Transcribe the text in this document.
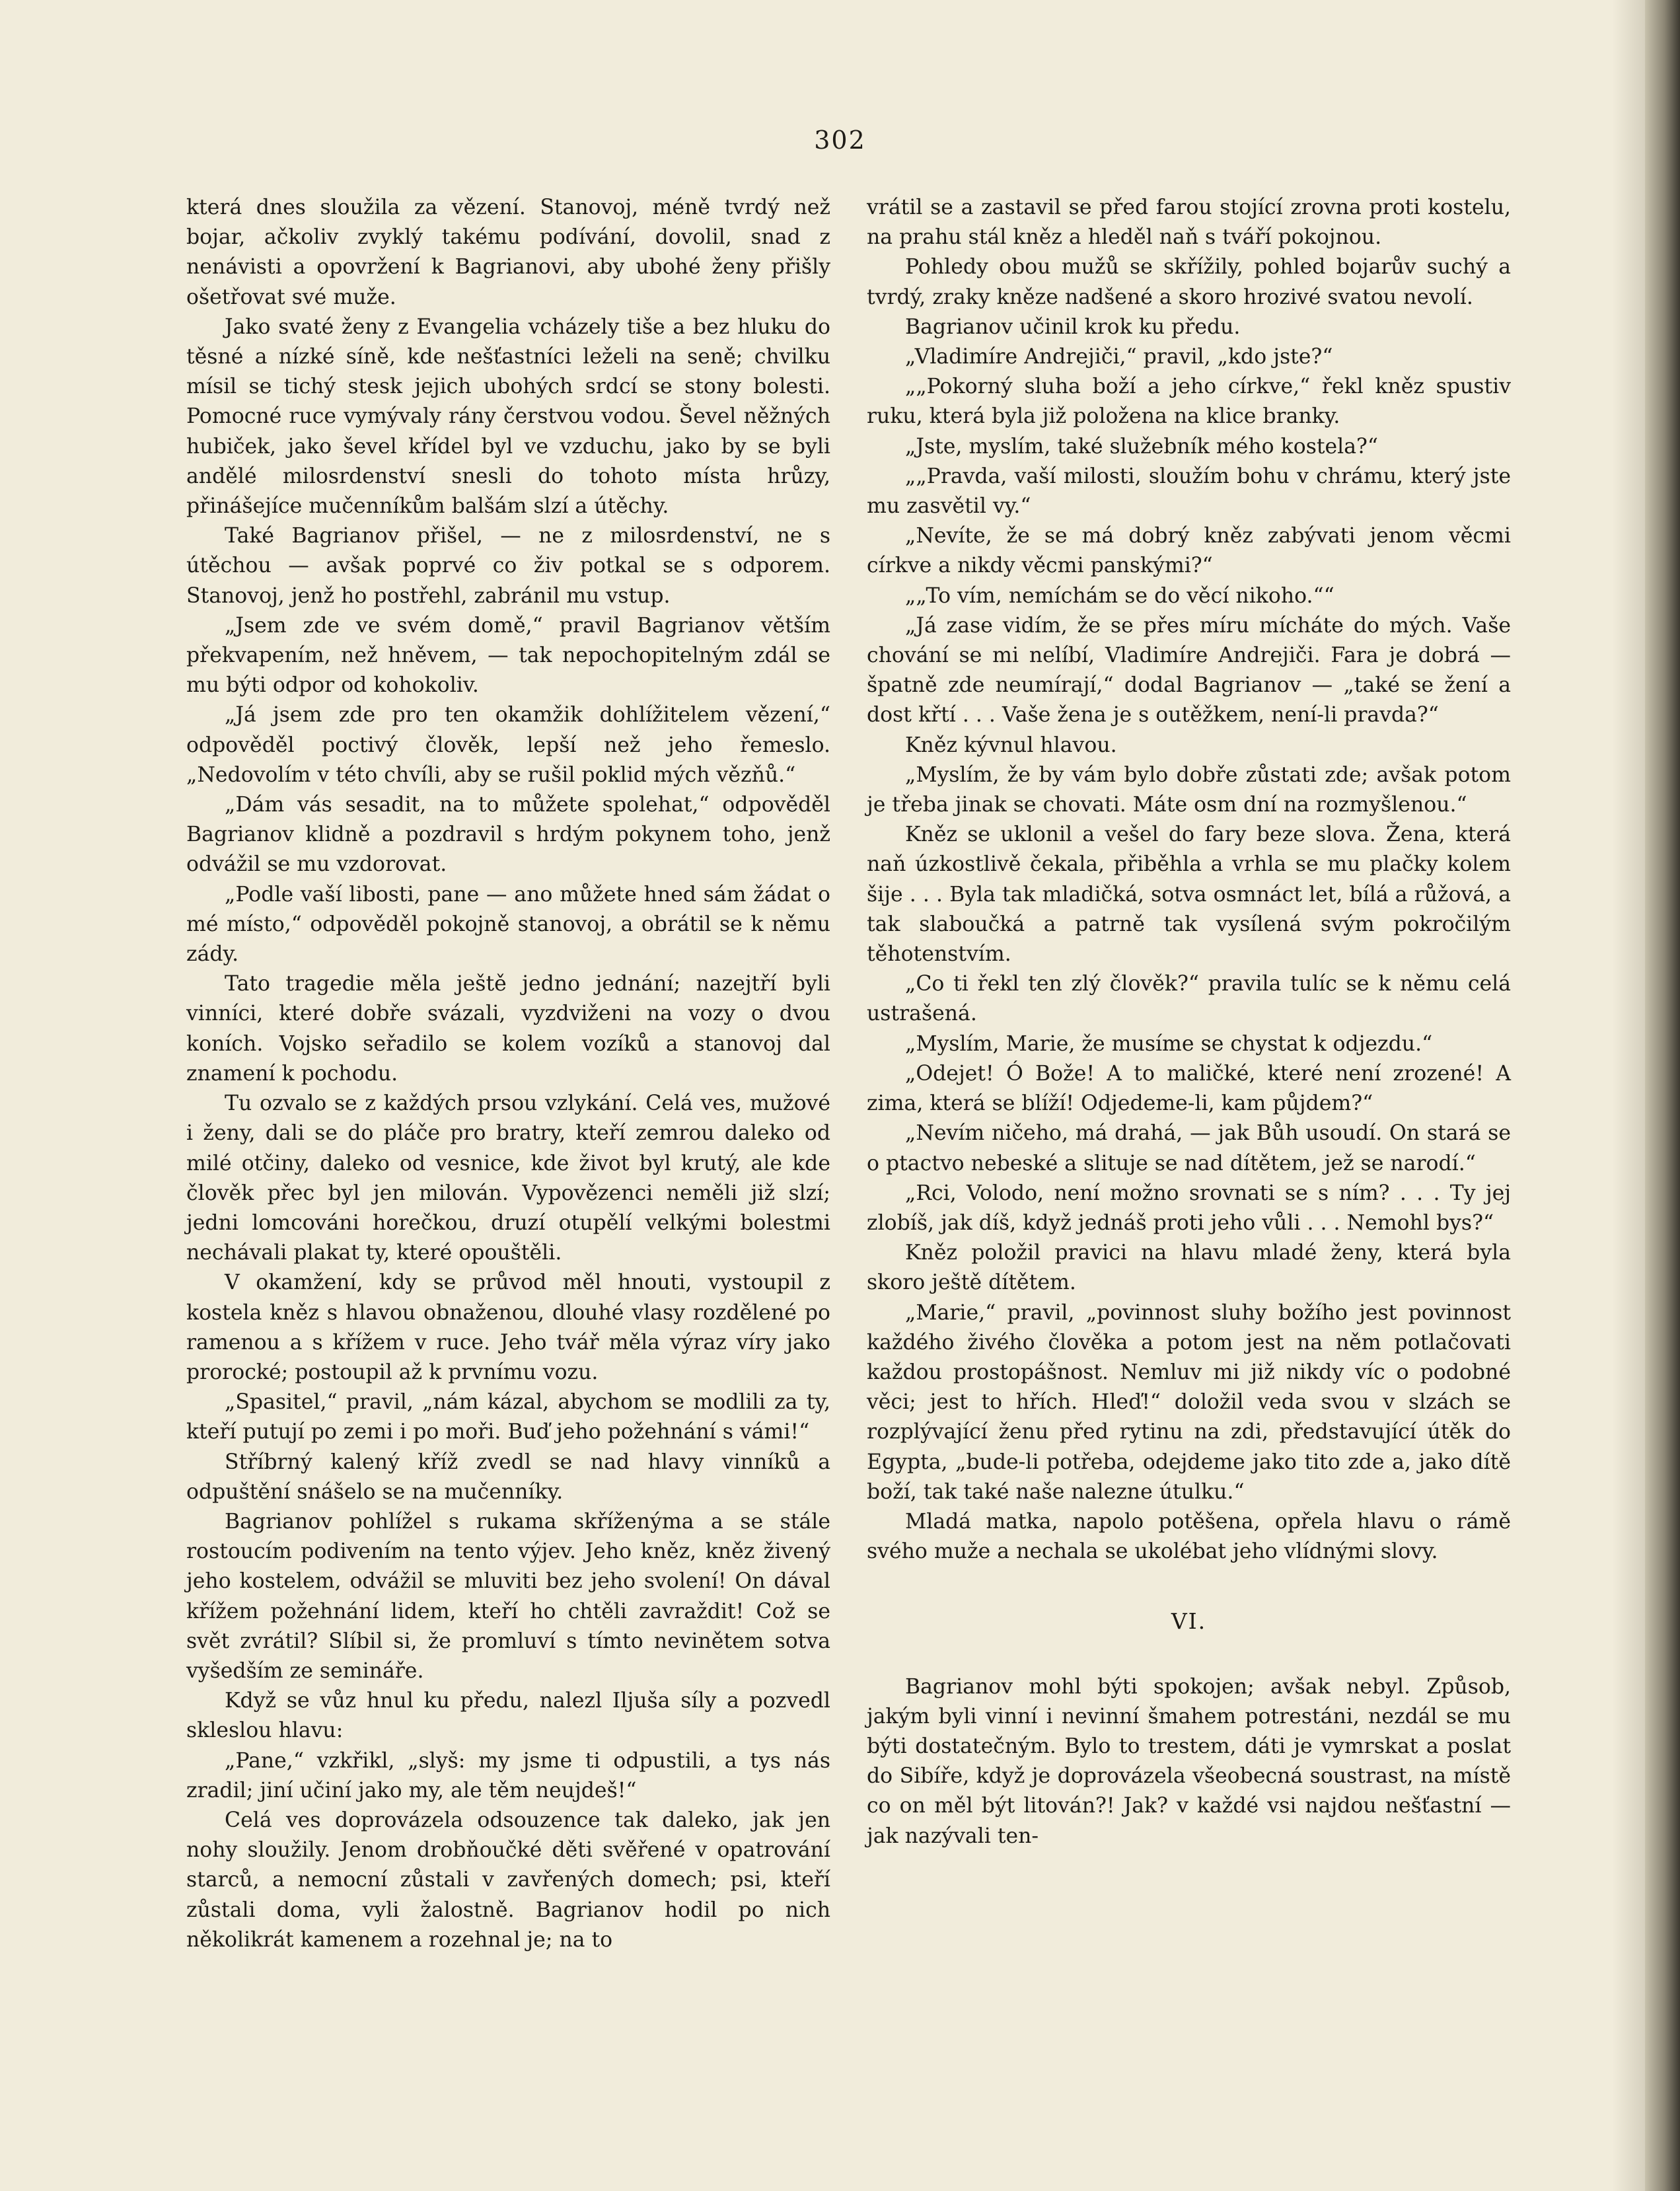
302

která dnes sloužila za vězení. Stanovoj, méně tvrdý než bojar, ačkoliv zvyklý takému podívání, dovolil, snad z nenávisti a opovržení k Bagrianovi, aby ubohé ženy přišly ošetřovat své muže.

Jako svaté ženy z Evangelia vcházely tiše a bez hluku do těsné a nízké síně, kde nešťastníci leželi na seně; chvilku mísil se tichý stesk jejich ubohých srdcí se stony bolesti. Pomocné ruce vymývaly rány čerstvou vodou. Ševel něžných hubiček, jako ševel křídel byl ve vzduchu, jako by se byli andělé milosrdenství snesli do tohoto místa hrůzy, přinášejíce mučenníkům balšám slzí a útěchy.

Také Bagrianov přišel, — ne z milosrdenství, ne s útěchou — avšak poprvé co živ potkal se s odporem. Stanovoj, jenž ho postřehl, zabránil mu vstup.

„Jsem zde ve svém domě,“ pravil Bagrianov větším překvapením, než hněvem, — tak nepochopitelným zdál se mu býti odpor od kohokoliv.

„Já jsem zde pro ten okamžik dohlížitelem vězení,“ odpověděl poctivý člověk, lepší než jeho řemeslo. „Nedovolím v této chvíli, aby se rušil poklid mých vězňů.“

„Dám vás sesadit, na to můžete spolehat,“ odpověděl Bagrianov klidně a pozdravil s hrdým pokynem toho, jenž odvážil se mu vzdorovat.

„Podle vaší libosti, pane — ano můžete hned sám žádat o mé místo,“ odpověděl pokojně stanovoj, a obrátil se k němu zády.

Tato tragedie měla ještě jedno jednání; nazejtří byli vinníci, které dobře svázali, vyzdviženi na vozy o dvou koních. Vojsko seřadilo se kolem vozíků a stanovoj dal znamení k pochodu.

Tu ozvalo se z každých prsou vzlykání. Celá ves, mužové i ženy, dali se do pláče pro bratry, kteří zemrou daleko od milé otčiny, daleko od vesnice, kde život byl krutý, ale kde člověk přec byl jen milován. Vypovězenci neměli již slzí; jedni lomcováni horečkou, druzí otupělí velkými bolestmi nechávali plakat ty, které opouštěli.

V okamžení, kdy se průvod měl hnouti, vystoupil z kostela kněz s hlavou obnaženou, dlouhé vlasy rozdělené po ramenou a s křížem v ruce. Jeho tvář měla výraz víry jako prorocké; postoupil až k prvnímu vozu.

„Spasitel,“ pravil, „nám kázal, abychom se modlili za ty, kteří putují po zemi i po moři. Buď jeho požehnání s vámi!“

Stříbrný kalený kříž zvedl se nad hlavy vinníků a odpuštění snášelo se na mučenníky.

Bagrianov pohlížel s rukama skříženýma a se stále rostoucím podivením na tento výjev. Jeho kněz, kněz živený jeho kostelem, odvážil se mluviti bez jeho svolení! On dával křížem požehnání lidem, kteří ho chtěli zavraždit! Což se svět zvrátil? Slíbil si, že promluví s tímto nevinětem sotva vyšedším ze semináře.

Když se vůz hnul ku předu, nalezl Iljuša síly a pozvedl skleslou hlavu:

„Pane,“ vzkřikl, „slyš: my jsme ti odpustili, a tys nás zradil; jiní učiní jako my, ale těm neujdeš!“

Celá ves doprovázela odsouzence tak daleko, jak jen nohy sloužily. Jenom drobňoučké děti svěřené v opatrování starců, a nemocní zůstali v zavřených domech; psi, kteří zůstali doma, vyli žalostně. Bagrianov hodil po nich několikrát kamenem a rozehnal je; na to

vrátil se a zastavil se před farou stojící zrovna proti kostelu, na prahu stál kněz a hleděl naň s tváří pokojnou.

Pohledy obou mužů se skřížily, pohled bojarův suchý a tvrdý, zraky kněze nadšené a skoro hrozivé svatou nevolí.

Bagrianov učinil krok ku předu.

„Vladimíre Andrejiči,“ pravil, „kdo jste?“

„„Pokorný sluha boží a jeho církve,“ řekl kněz spustiv ruku, která byla již položena na klice branky.

„Jste, myslím, také služebník mého kostela?“

„„Pravda, vaší milosti, sloužím bohu v chrámu, který jste mu zasvětil vy.“

„Nevíte, že se má dobrý kněz zabývati jenom věcmi církve a nikdy věcmi panskými?“

„„To vím, nemíchám se do věcí nikoho.““

„Já zase vidím, že se přes míru mícháte do mých. Vaše chování se mi nelíbí, Vladimíre Andrejiči. Fara je dobrá — špatně zde neumírají,“ dodal Bagrianov — „také se žení a dost křtí . . . Vaše žena je s outěžkem, není-li pravda?“

Kněz kývnul hlavou.

„Myslím, že by vám bylo dobře zůstati zde; avšak potom je třeba jinak se chovati. Máte osm dní na rozmyšlenou.“

Kněz se uklonil a vešel do fary beze slova. Žena, která naň úzkostlivě čekala, přiběhla a vrhla se mu plačky kolem šije . . . Byla tak mladičká, sotva osmnáct let, bílá a růžová, a tak slaboučká a patrně tak vysílená svým pokročilým těhotenstvím.

„Co ti řekl ten zlý člověk?“ pravila tulíc se k němu celá ustrašená.

„Myslím, Marie, že musíme se chystat k odjezdu.“

„Odejet! Ó Bože! A to maličké, které není zrozené! A zima, která se blíží! Odjedeme-li, kam půjdem?“

„Nevím ničeho, má drahá, — jak Bůh usoudí. On stará se o ptactvo nebeské a slituje se nad dítětem, jež se narodí.“

„Rci, Volodo, není možno srovnati se s ním? . . . Ty jej zlobíš, jak díš, když jednáš proti jeho vůli . . . Nemohl bys?“

Kněz položil pravici na hlavu mladé ženy, která byla skoro ještě dítětem.

„Marie,“ pravil, „povinnost sluhy božího jest povinnost každého živého člověka a potom jest na něm potlačovati každou prostopášnost. Nemluv mi již nikdy víc o podobné věci; jest to hřích. Hleď!“ doložil veda svou v slzách se rozplývající ženu před rytinu na zdi, představující útěk do Egypta, „bude-li potřeba, odejdeme jako tito zde a, jako dítě boží, tak také naše nalezne útulku.“

Mladá matka, napolo potěšena, opřela hlavu o rámě svého muže a nechala se ukolébat jeho vlídnými slovy.

VI.

Bagrianov mohl býti spokojen; avšak nebyl. Způsob, jakým byli vinní i nevinní šmahem potrestáni, nezdál se mu býti dostatečným. Bylo to trestem, dáti je vymrskat a poslat do Sibíře, když je doprovázela všeobecná soustrast, na místě co on měl být litován?! Jak? v každé vsi najdou nešťastní — jak nazývali ten-
